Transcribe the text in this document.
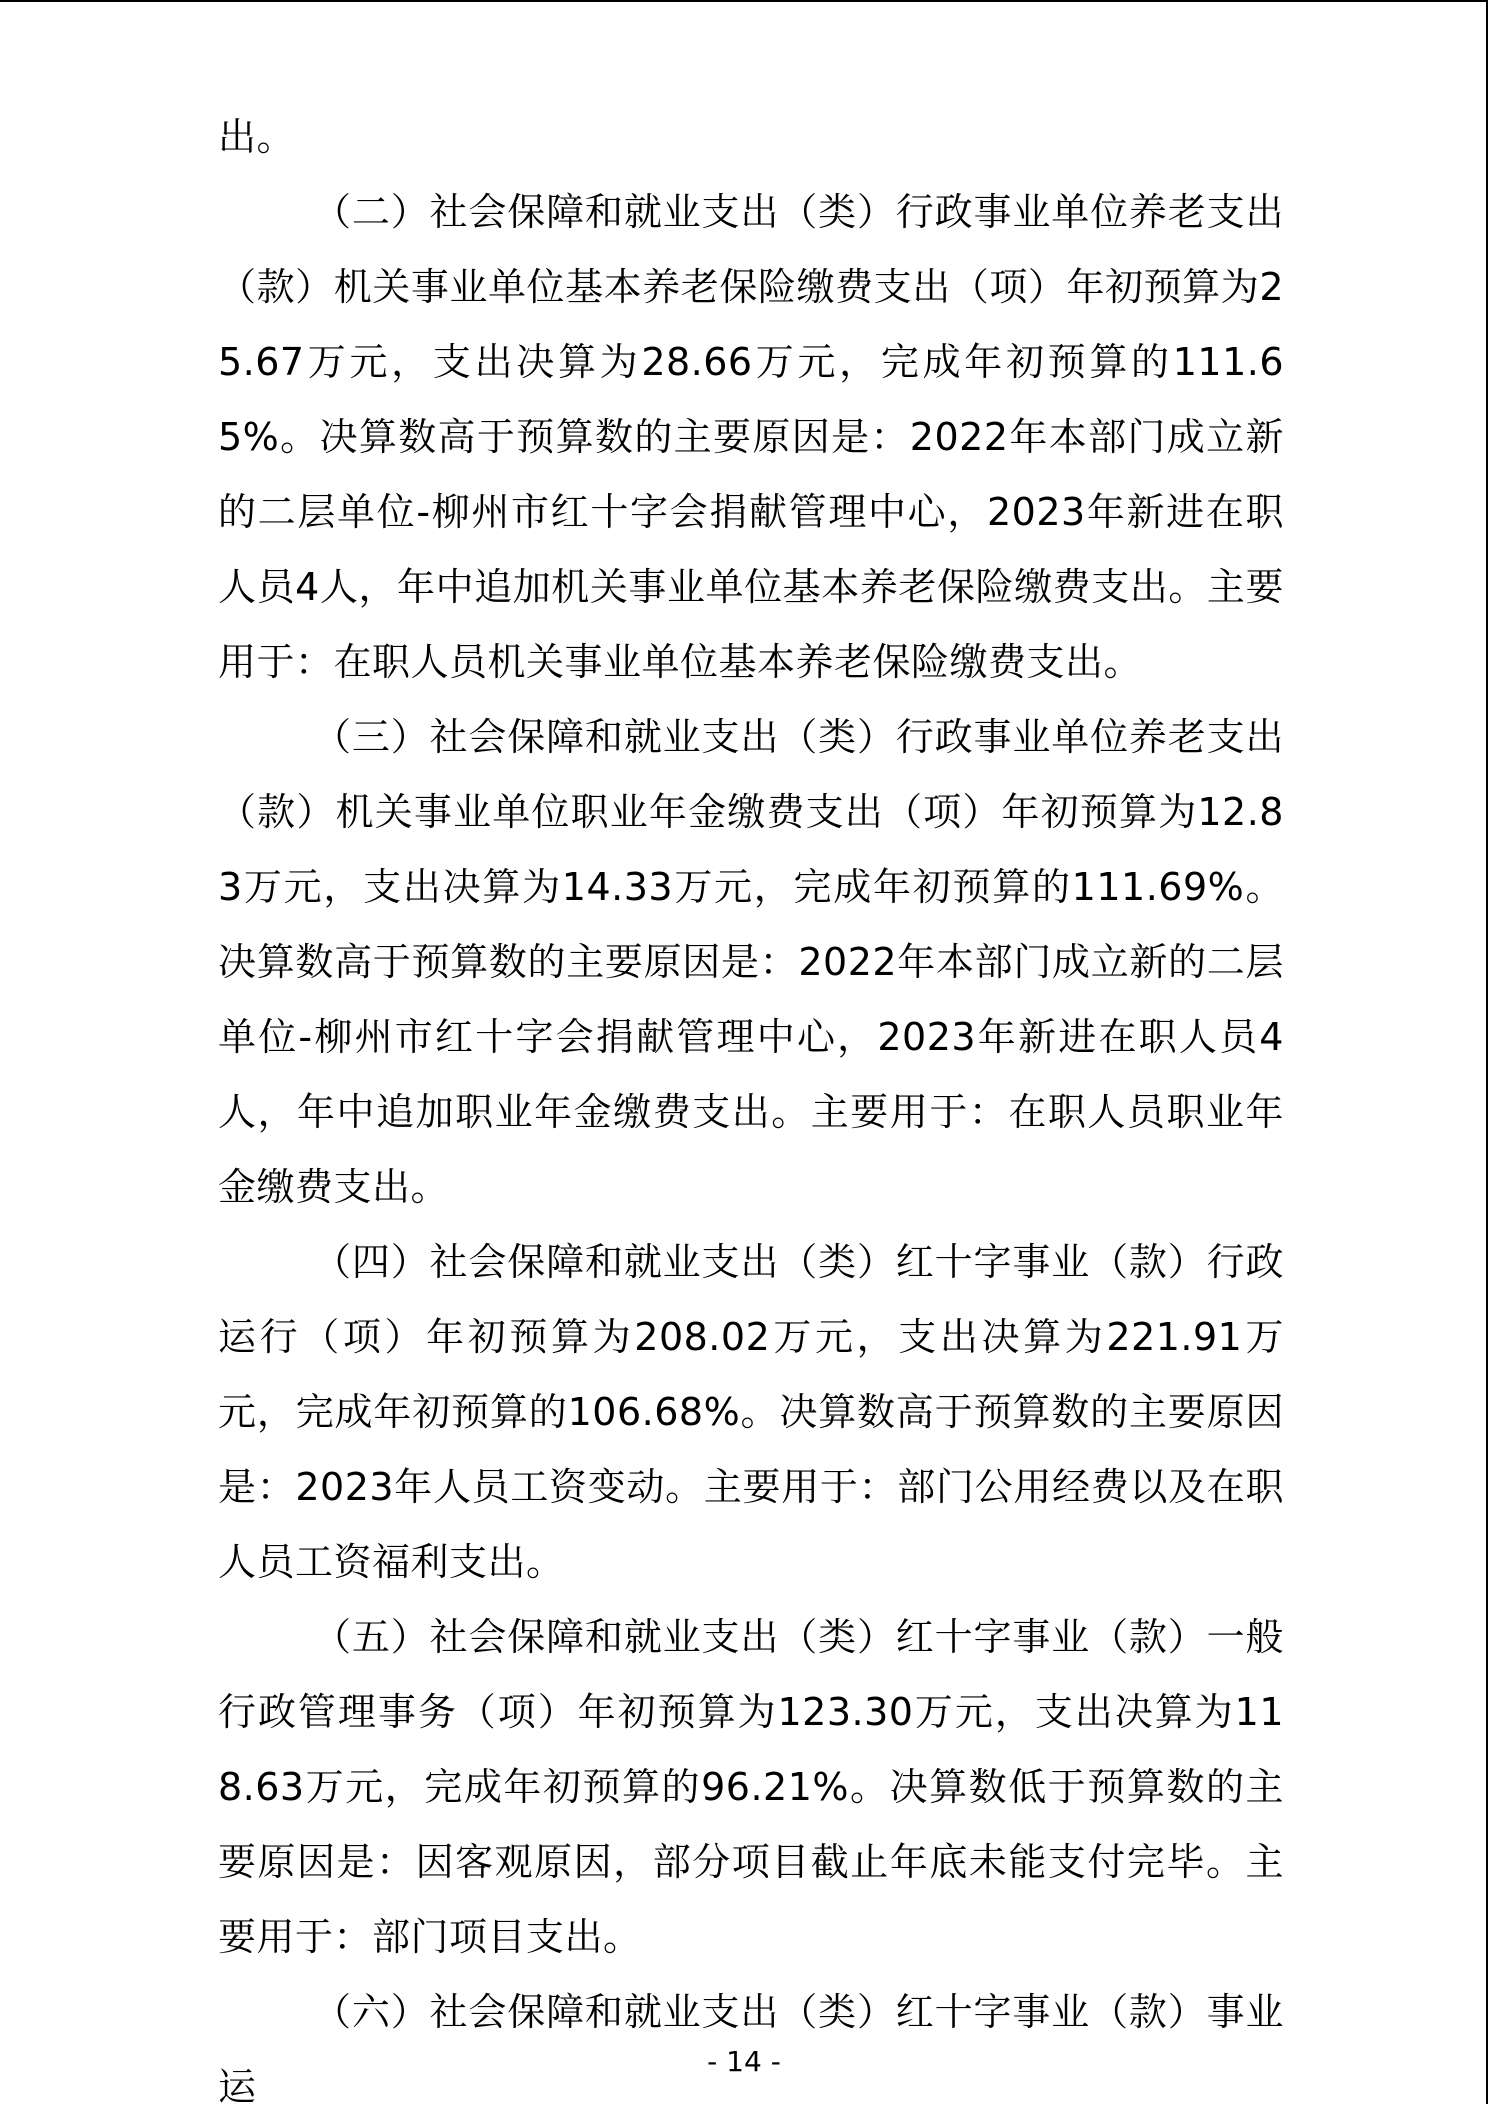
出。

（二）社会保障和就业支出（类）行政事业单位养老支出（款）机关事业单位基本养老保险缴费支出（项）年初预算为25.67万元，支出决算为28.66万元，完成年初预算的111.65%。决算数高于预算数的主要原因是：2022年本部门成立新的二层单位-柳州市红十字会捐献管理中心，2023年新进在职人员4人，年中追加机关事业单位基本养老保险缴费支出。主要用于：在职人员机关事业单位基本养老保险缴费支出。

（三）社会保障和就业支出（类）行政事业单位养老支出（款）机关事业单位职业年金缴费支出（项）年初预算为12.83万元，支出决算为14.33万元，完成年初预算的111.69%。决算数高于预算数的主要原因是：2022年本部门成立新的二层单位-柳州市红十字会捐献管理中心，2023年新进在职人员4人，年中追加职业年金缴费支出。主要用于：在职人员职业年金缴费支出。

（四）社会保障和就业支出（类）红十字事业（款）行政运行（项）年初预算为208.02万元，支出决算为221.91万元，完成年初预算的106.68%。决算数高于预算数的主要原因是：2023年人员工资变动。主要用于：部门公用经费以及在职人员工资福利支出。

（五）社会保障和就业支出（类）红十字事业（款）一般行政管理事务（项）年初预算为123.30万元，支出决算为118.63万元，完成年初预算的96.21%。决算数低于预算数的主要原因是：因客观原因，部分项目截止年底未能支付完毕。主要用于：部门项目支出。

（六）社会保障和就业支出（类）红十字事业（款）事业运

- 14 -
